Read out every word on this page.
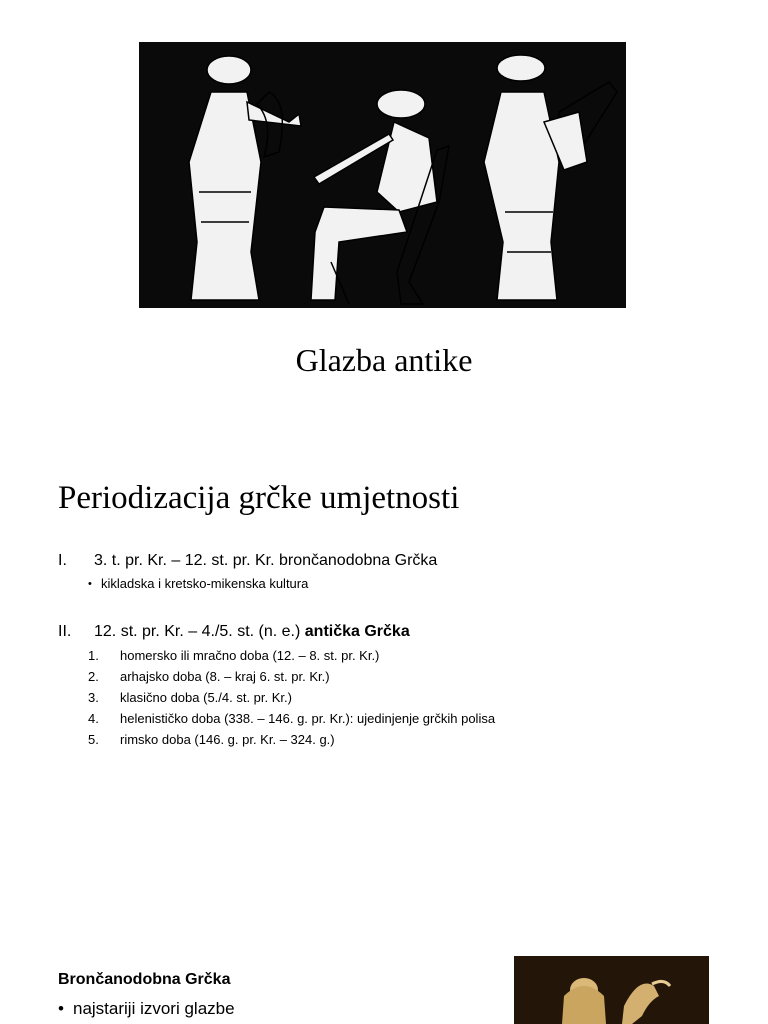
Glazba antike
Periodizacija grčke umjetnosti
I. 3. t. pr. Kr. – 12. st. pr. Kr. brončanodobna Grčka
• kikladska i kretsko-mikenska kultura
II. 12. st. pr. Kr. – 4./5. st. (n. e.) antička Grčka
1. homersko ili mračno doba (12. – 8. st. pr. Kr.)
2. arhajsko doba (8. – kraj 6. st. pr. Kr.)
3. klasično doba (5./4. st. pr. Kr.)
4. helenističko doba (338. – 146. g. pr. Kr.): ujedinjenje grčkih polisa
5. rimsko doba (146. g. pr. Kr. – 324. g.)
Brončanodobna Grčka
• najstariji izvori glazbe
